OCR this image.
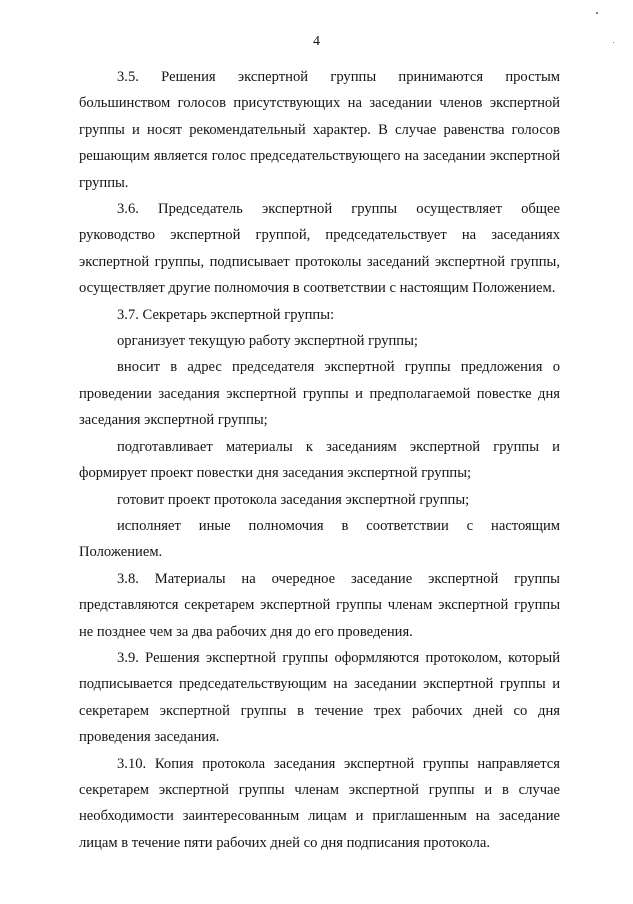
4

3.5. Решения экспертной группы принимаются простым большинством голосов присутствующих на заседании членов экспертной группы и носят рекомендательный характер. В случае равенства голосов решающим является голос председательствующего на заседании экспертной группы.

3.6. Председатель экспертной группы осуществляет общее руководство экспертной группой, председательствует на заседаниях экспертной группы, подписывает протоколы заседаний экспертной группы, осуществляет другие полномочия в соответствии с настоящим Положением.

3.7. Секретарь экспертной группы:

организует текущую работу экспертной группы;

вносит в адрес председателя экспертной группы предложения о проведении заседания экспертной группы и предполагаемой повестке дня заседания экспертной группы;

подготавливает материалы к заседаниям экспертной группы и формирует проект повестки дня заседания экспертной группы;

готовит проект протокола заседания экспертной группы;

исполняет иные полномочия в соответствии с настоящим Положением.

3.8. Материалы на очередное заседание экспертной группы представляются секретарем экспертной группы членам экспертной группы не позднее чем за два рабочих дня до его проведения.

3.9. Решения экспертной группы оформляются протоколом, который подписывается председательствующим на заседании экспертной группы и секретарем экспертной группы в течение трех рабочих дней со дня проведения заседания.

3.10. Копия протокола заседания экспертной группы направляется секретарем экспертной группы членам экспертной группы и в случае необходимости заинтересованным лицам и приглашенным на заседание лицам в течение пяти рабочих дней со дня подписания протокола.
